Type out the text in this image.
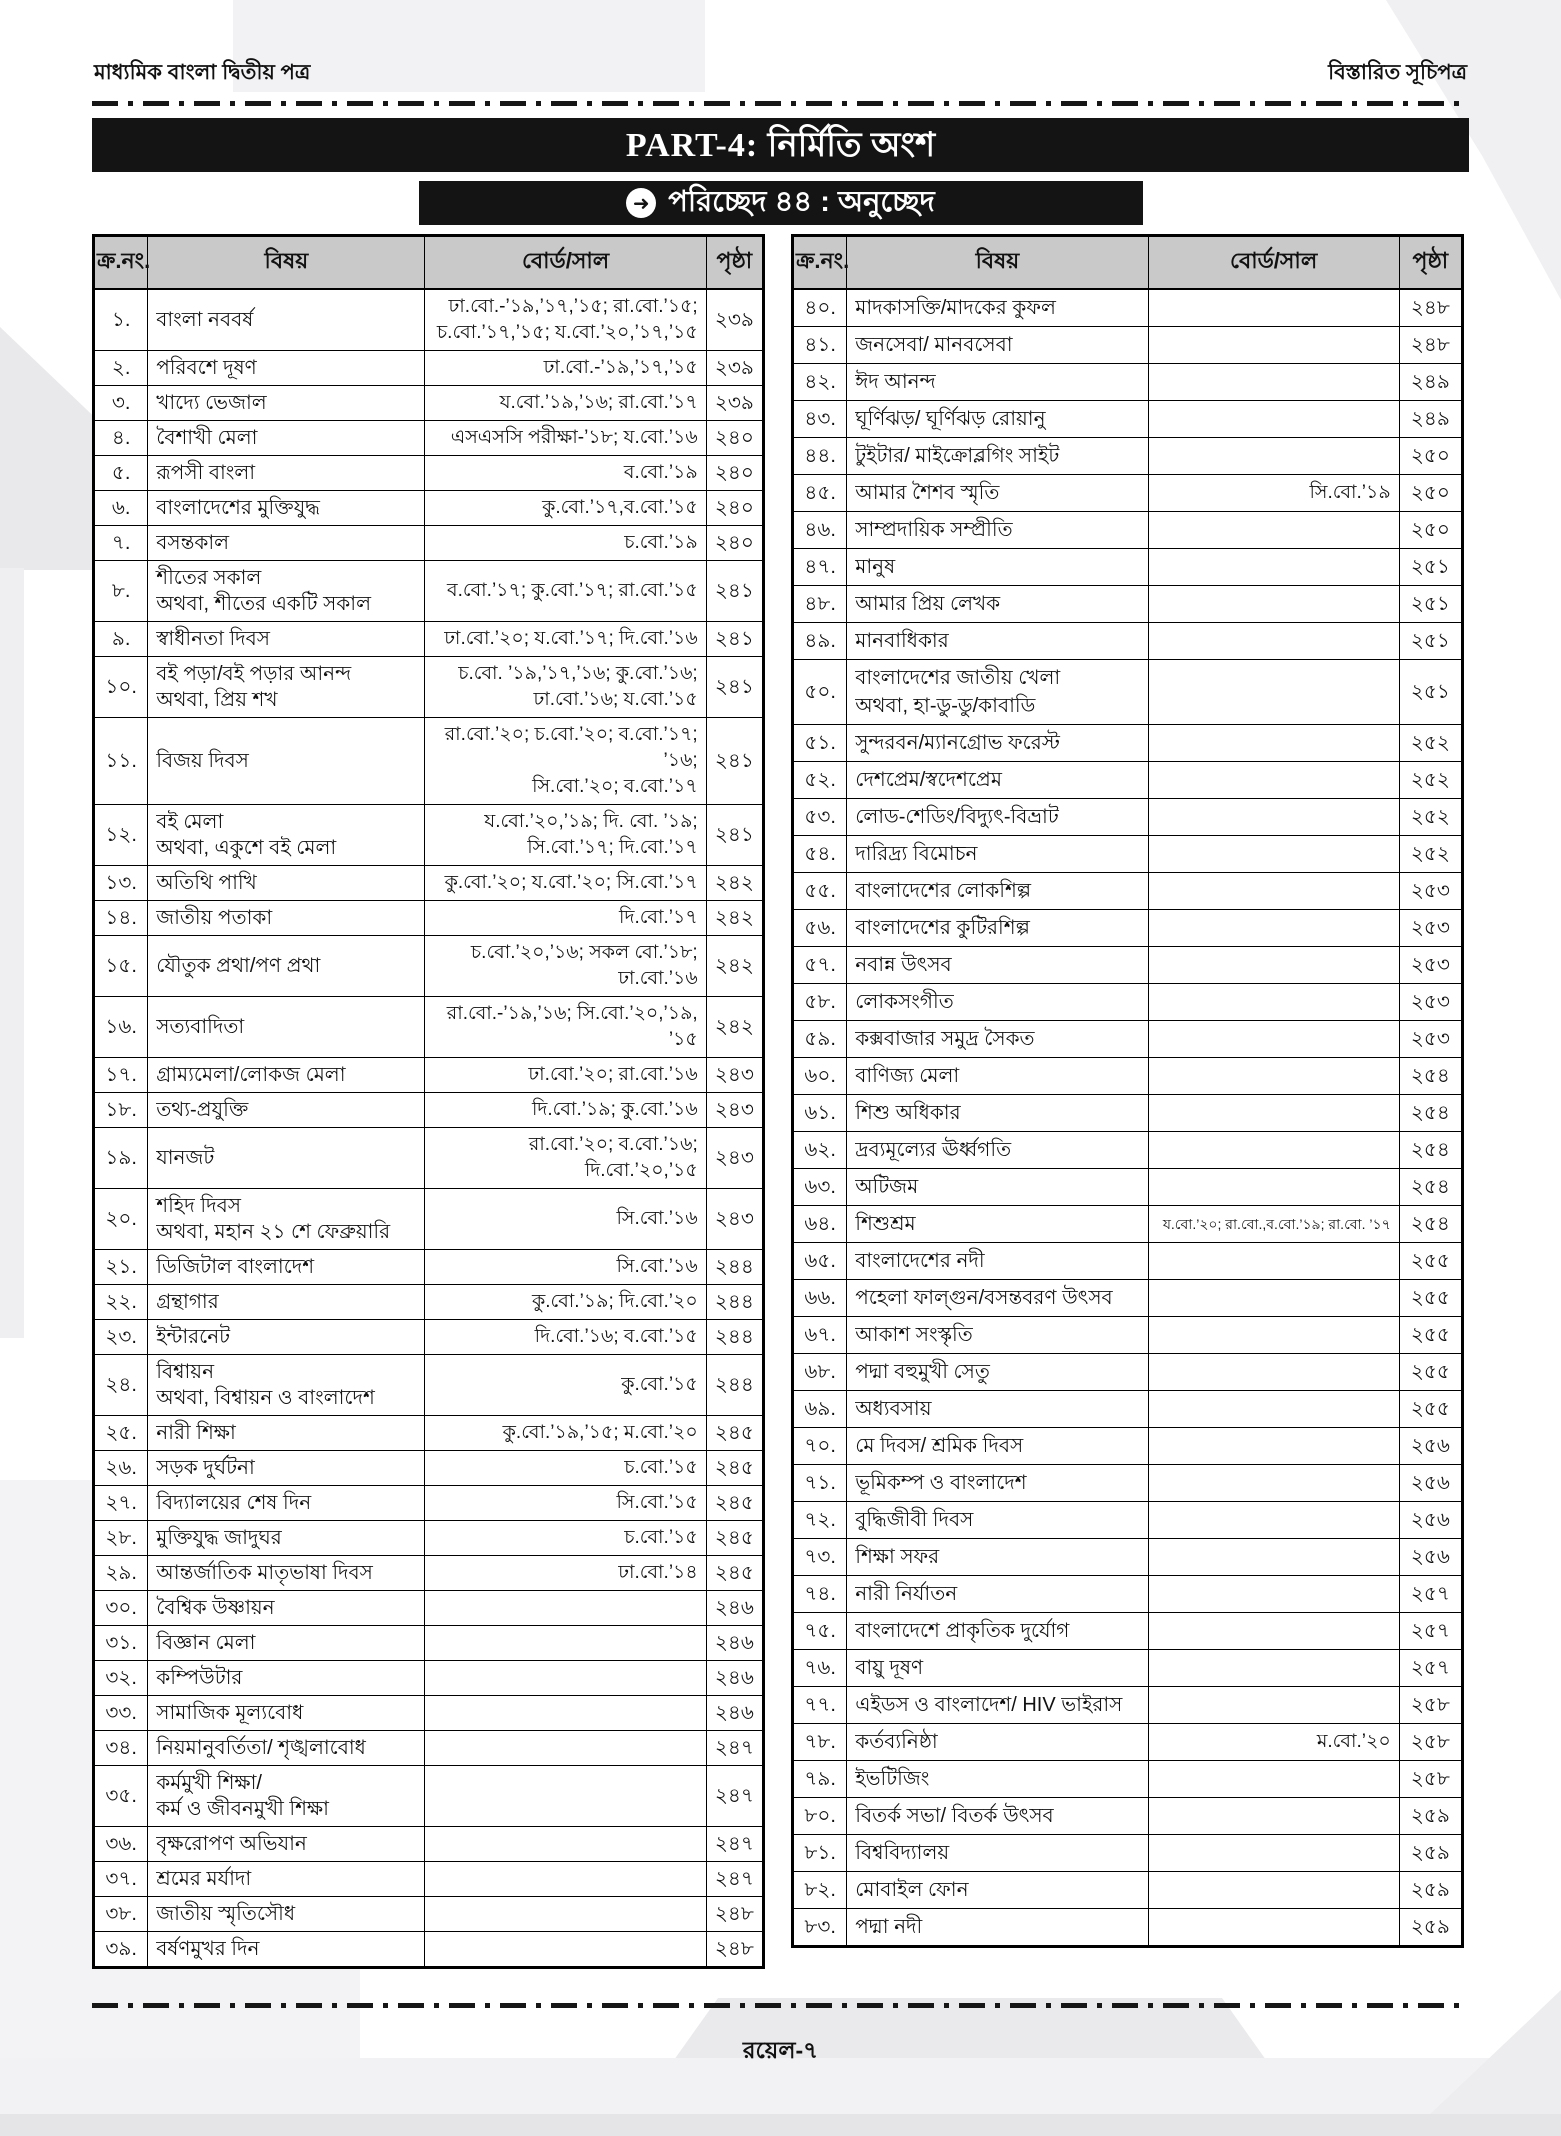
মাধ্যমিক বাংলা দ্বিতীয় পত্র	বিস্তারিত সূচিপত্র
PART-4: নির্মিতি অংশ
➜ পরিচ্ছেদ ৪৪ : অনুচ্ছেদ
ক্র.নং.	বিষয়	বোর্ড/সাল	পৃষ্ঠা
১.	বাংলা নববর্ষ	ঢা.বো.-’১৯,’১৭,’১৫; রা.বো.’১৫;
চ.বো.’১৭,’১৫; য.বো.’২০,’১৭,’১৫	২৩৯
২.	পরিবশে দূষণ	ঢা.বো.-’১৯,’১৭,’১৫	২৩৯
৩.	খাদ্যে ভেজাল	য.বো.’১৯,’১৬; রা.বো.’১৭	২৩৯
৪.	বৈশাখী মেলা	এসএসসি পরীক্ষা-’১৮; য.বো.’১৬	২৪০
৫.	রূপসী বাংলা	ব.বো.’১৯	২৪০
৬.	বাংলাদেশের মুক্তিযুদ্ধ	কু.বো.’১৭,ব.বো.’১৫	২৪০
৭.	বসন্তকাল	চ.বো.’১৯	২৪০
৮.	শীতের সকাল
অথবা, শীতের একটি সকাল	ব.বো.’১৭; কু.বো.’১৭; রা.বো.’১৫	২৪১
৯.	স্বাধীনতা দিবস	ঢা.বো.’২০; য.বো.’১৭; দি.বো.’১৬	২৪১
১০.	বই পড়া/বই পড়ার আনন্দ
অথবা, প্রিয় শখ	চ.বো. ’১৯,’১৭,’১৬; কু.বো.’১৬;
ঢা.বো.’১৬; য.বো.’১৫	২৪১
১১.	বিজয় দিবস	রা.বো.’২০; চ.বো.’২০; ব.বো.’১৭; ’১৬;
সি.বো.’২০; ব.বো.’১৭	২৪১
১২.	বই মেলা
অথবা, একুশে বই মেলা	য.বো.’২০,’১৯; দি. বো. ’১৯;
সি.বো.’১৭; দি.বো.’১৭	২৪১
১৩.	অতিথি পাখি	কু.বো.’২০; য.বো.’২০; সি.বো.’১৭	২৪২
১৪.	জাতীয় পতাকা	দি.বো.’১৭	২৪২
১৫.	যৌতুক প্রথা/পণ প্রথা	চ.বো.’২০,’১৬; সকল বো.’১৮;
ঢা.বো.’১৬	২৪২
১৬.	সত্যবাদিতা	রা.বো.-’১৯,’১৬; সি.বো.’২০,’১৯, ’১৫	২৪২
১৭.	গ্রাম্যমেলা/লোকজ মেলা	ঢা.বো.’২০; রা.বো.’১৬	২৪৩
১৮.	তথ্য-প্রযুক্তি	দি.বো.’১৯; কু.বো.’১৬	২৪৩
১৯.	যানজট	রা.বো.’২০; ব.বো.’১৬; দি.বো.’২০,’১৫	২৪৩
২০.	শহিদ দিবস
অথবা, মহান ২১ শে ফেব্রুয়ারি	সি.বো.’১৬	২৪৩
২১.	ডিজিটাল বাংলাদেশ	সি.বো.’১৬	২৪৪
২২.	গ্রন্থাগার	কু.বো.’১৯; দি.বো.’২০	২৪৪
২৩.	ইন্টারনেট	দি.বো.’১৬; ব.বো.’১৫	২৪৪
২৪.	বিশ্বায়ন
অথবা, বিশ্বায়ন ও বাংলাদেশ	কু.বো.’১৫	২৪৪
২৫.	নারী শিক্ষা	কু.বো.’১৯,’১৫; ম.বো.’২০	২৪৫
২৬.	সড়ক দুর্ঘটনা	চ.বো.’১৫	২৪৫
২৭.	বিদ্যালয়ের শেষ দিন	সি.বো.’১৫	২৪৫
২৮.	মুক্তিযুদ্ধ জাদুঘর	চ.বো.’১৫	২৪৫
২৯.	আন্তর্জাতিক মাতৃভাষা দিবস	ঢা.বো.’১৪	২৪৫
৩০.	বৈশ্বিক উষ্ণায়ন		২৪৬
৩১.	বিজ্ঞান মেলা		২৪৬
৩২.	কম্পিউটার		২৪৬
৩৩.	সামাজিক মূল্যবোধ		২৪৬
৩৪.	নিয়মানুবর্তিতা/ শৃঙ্খলাবোধ		২৪৭
৩৫.	কর্মমুখী শিক্ষা/
কর্ম ও জীবনমুখী শিক্ষা		২৪৭
৩৬.	বৃক্ষরোপণ অভিযান		২৪৭
৩৭.	শ্রমের মর্যাদা		২৪৭
৩৮.	জাতীয় স্মৃতিসৌধ		২৪৮
৩৯.	বর্ষণমুখর দিন		২৪৮
ক্র.নং.	বিষয়	বোর্ড/সাল	পৃষ্ঠা
৪০.	মাদকাসক্তি/মাদকের কুফল		২৪৮
৪১.	জনসেবা/ মানবসেবা		২৪৮
৪২.	ঈদ আনন্দ		২৪৯
৪৩.	ঘূর্ণিঝড়/ ঘূর্ণিঝড় রোয়ানু		২৪৯
৪৪.	টুইটার/ মাইক্রোব্লগিং সাইট		২৫০
৪৫.	আমার শৈশব স্মৃতি	সি.বো.’১৯	২৫০
৪৬.	সাম্প্রদায়িক সম্প্রীতি		২৫০
৪৭.	মানুষ		২৫১
৪৮.	আমার প্রিয় লেখক		২৫১
৪৯.	মানবাধিকার		২৫১
৫০.	বাংলাদেশের জাতীয় খেলা
অথবা, হা-ডু-ডু/কাবাডি		২৫১
৫১.	সুন্দরবন/ম্যানগ্রোভ ফরেস্ট		২৫২
৫২.	দেশপ্রেম/স্বদেশপ্রেম		২৫২
৫৩.	লোড-শেডিং/বিদ্যুৎ-বিভ্রাট		২৫২
৫৪.	দারিদ্র্য বিমোচন		২৫২
৫৫.	বাংলাদেশের লোকশিল্প		২৫৩
৫৬.	বাংলাদেশের কুটিরশিল্প		২৫৩
৫৭.	নবান্ন উৎসব		২৫৩
৫৮.	লোকসংগীত		২৫৩
৫৯.	কক্সবাজার সমুদ্র সৈকত		২৫৩
৬০.	বাণিজ্য মেলা		২৫৪
৬১.	শিশু অধিকার		২৫৪
৬২.	দ্রব্যমূল্যের ঊর্ধ্বগতি		২৫৪
৬৩.	অটিজম		২৫৪
৬৪.	শিশুশ্রম	য.বো.’২০; রা.বো.,ব.বো.’১৯; রা.বো. ’১৭	২৫৪
৬৫.	বাংলাদেশের নদী		২৫৫
৬৬.	পহেলা ফাল্গুন/বসন্তবরণ উৎসব		২৫৫
৬৭.	আকাশ সংস্কৃতি		২৫৫
৬৮.	পদ্মা বহুমুখী সেতু		২৫৫
৬৯.	অধ্যবসায়		২৫৫
৭০.	মে দিবস/ শ্রমিক দিবস		২৫৬
৭১.	ভূমিকম্প ও বাংলাদেশ		২৫৬
৭২.	বুদ্ধিজীবী দিবস		২৫৬
৭৩.	শিক্ষা সফর		২৫৬
৭৪.	নারী নির্যাতন		২৫৭
৭৫.	বাংলাদেশে প্রাকৃতিক দুর্যোগ		২৫৭
৭৬.	বায়ু দূষণ		২৫৭
৭৭.	এইডস ও বাংলাদেশ/ HIV ভাইরাস		২৫৮
৭৮.	কর্তব্যনিষ্ঠা	ম.বো.’২০	২৫৮
৭৯.	ইভটিজিং		২৫৮
৮০.	বিতর্ক সভা/ বিতর্ক উৎসব		২৫৯
৮১.	বিশ্ববিদ্যালয়		২৫৯
৮২.	মোবাইল ফোন		২৫৯
৮৩.	পদ্মা নদী		২৫৯
রয়েল-৭
